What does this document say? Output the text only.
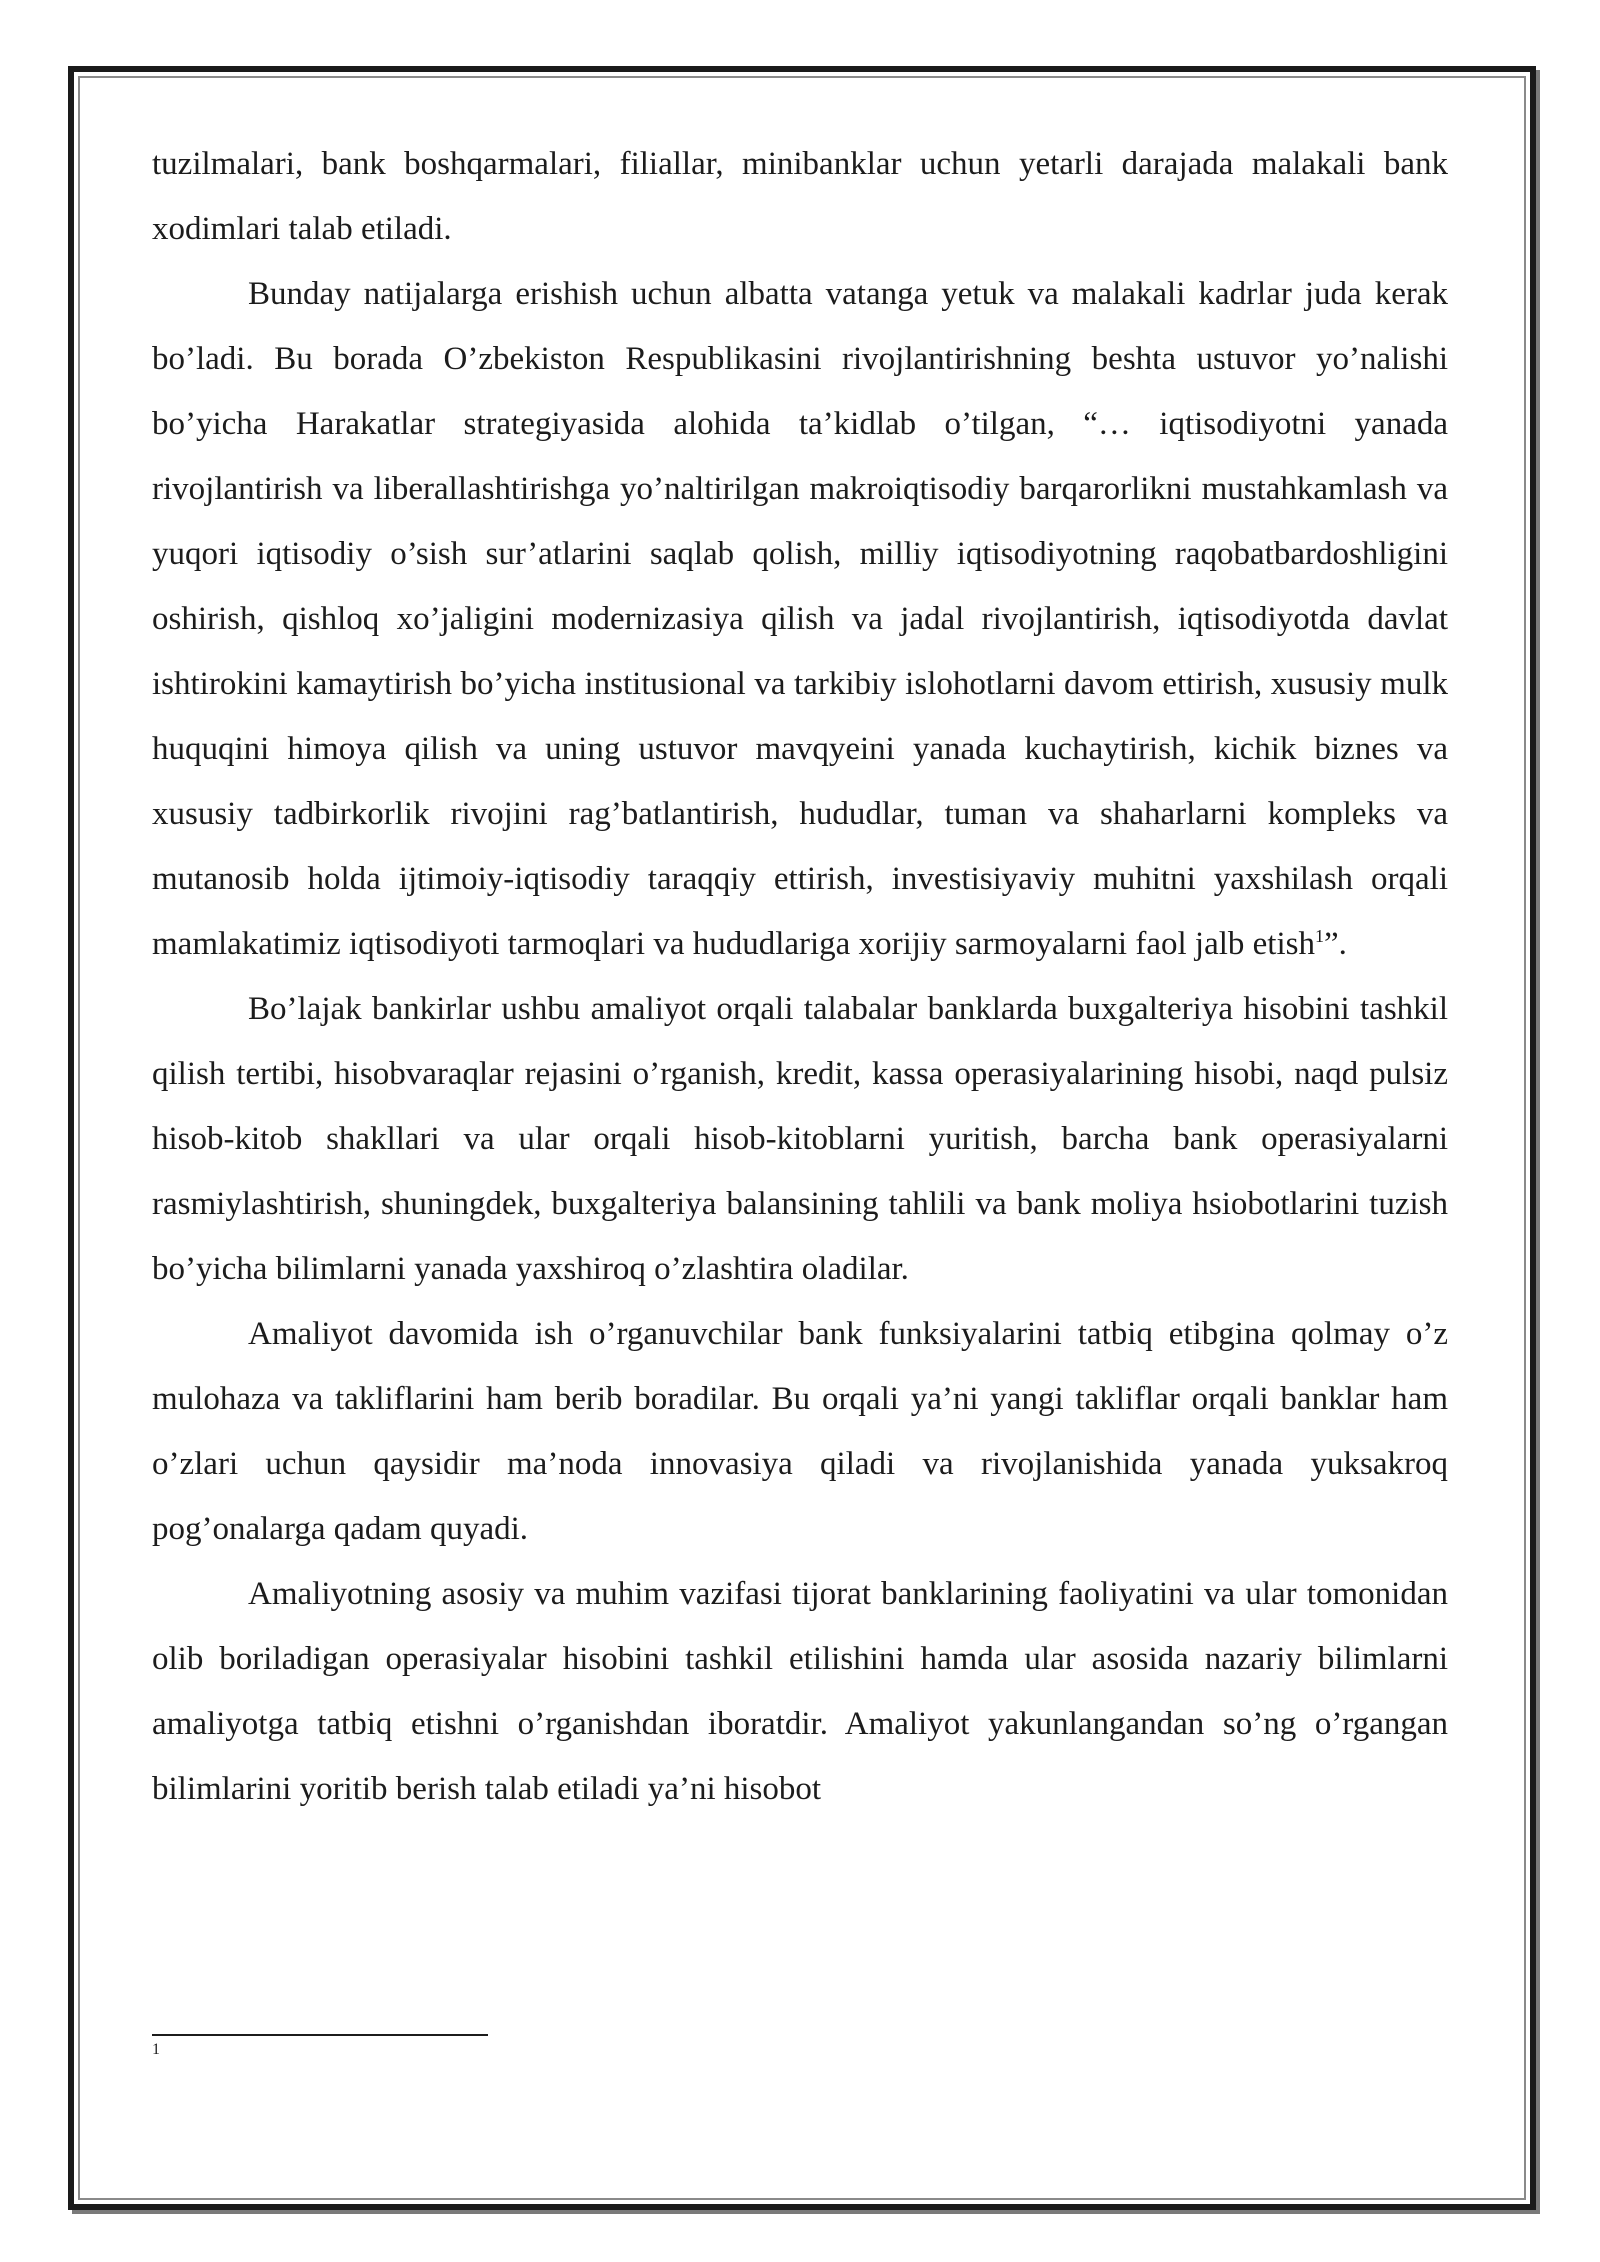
tuzilmalari, bank boshqarmalari, filiallar, minibanklar uchun yetarli darajada malakali bank xodimlari talab etiladi.

Bunday natijalarga erishish uchun albatta vatanga yetuk va malakali kadrlar juda kerak bo’ladi. Bu borada O’zbekiston Respublikasini rivojlantirishning beshta ustuvor yo’nalishi bo’yicha Harakatlar strategiyasida alohida ta’kidlab o’tilgan, “… iqtisodiyotni yanada rivojlantirish va liberallashtirishga yo’naltirilgan makroiqtisodiy barqarorlikni mustahkamlash va yuqori iqtisodiy o’sish sur’atlarini saqlab qolish, milliy iqtisodiyotning raqobatbardoshligini oshirish, qishloq xo’jaligini modernizasiya qilish va jadal rivojlantirish, iqtisodiyotda davlat ishtirokini kamaytirish bo’yicha institusional va tarkibiy islohotlarni davom ettirish, xususiy mulk huquqini himoya qilish va uning ustuvor mavqyeini yanada kuchaytirish, kichik biznes va xususiy tadbirkorlik rivojini rag’batlantirish, hududlar, tuman va shaharlarni kompleks va mutanosib holda ijtimoiy-iqtisodiy taraqqiy ettirish, investisiyaviy muhitni yaxshilash orqali mamlakatimiz iqtisodiyoti tarmoqlari va hududlariga xorijiy sarmoyalarni faol jalb etish$^1$”.

Bo’lajak bankirlar ushbu amaliyot orqali talabalar banklarda buxgalteriya hisobini tashkil qilish tertibi, hisobvaraqlar rejasini o’rganish, kredit, kassa operasiyalarining hisobi, naqd pulsiz hisob-kitob shakllari va ular orqali hisob-kitoblarni yuritish, barcha bank operasiyalarni rasmiylashtirish, shuningdek, buxgalteriya balansining tahlili va bank moliya hsiobotlarini tuzish bo’yicha bilimlarni yanada yaxshiroq o’zlashtira oladilar.

Amaliyot davomida ish o’rganuvchilar bank funksiyalarini tatbiq etibgina qolmay o’z mulohaza va takliflarini ham berib boradilar. Bu orqali ya’ni yangi takliflar orqali banklar ham o’zlari uchun qaysidir ma’noda innovasiya qiladi va rivojlanishida yanada yuksakroq pog’onalarga qadam quyadi.

Amaliyotning asosiy va muhim vazifasi tijorat banklarining faoliyatini va ular tomonidan olib boriladigan operasiyalar hisobini tashkil etilishini hamda ular asosida nazariy bilimlarni amaliyotga tatbiq etishni o’rganishdan iboratdir. Amaliyot yakunlangandan so’ng o’rgangan bilimlarini yoritib berish talab etiladi ya’ni hisobot

1
